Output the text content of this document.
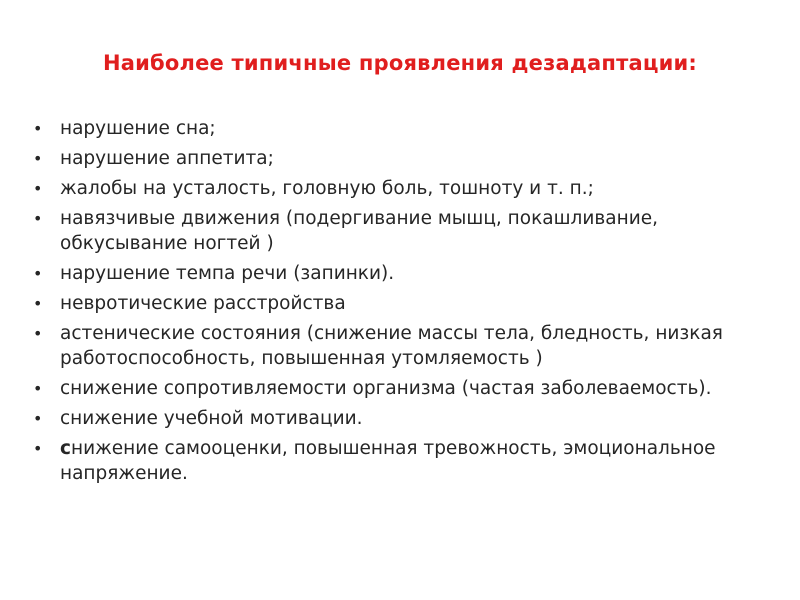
Наиболее типичные проявления дезадаптации:
• нарушение сна;
• нарушение аппетита;
• жалобы на усталость, головную боль, тошноту и т. п.;
• навязчивые движения (подергивание мышц, покашливание, обкусывание ногтей )
• нарушение темпа речи (запинки).
• невротические расстройства
• астенические состояния (снижение массы тела, бледность, низкая работоспособность, повышенная утомляемость )
• снижение сопротивляемости организма (частая заболеваемость).
• снижение учебной мотивации.
• снижение самооценки, повышенная тревожность, эмоциональное напряжение.
